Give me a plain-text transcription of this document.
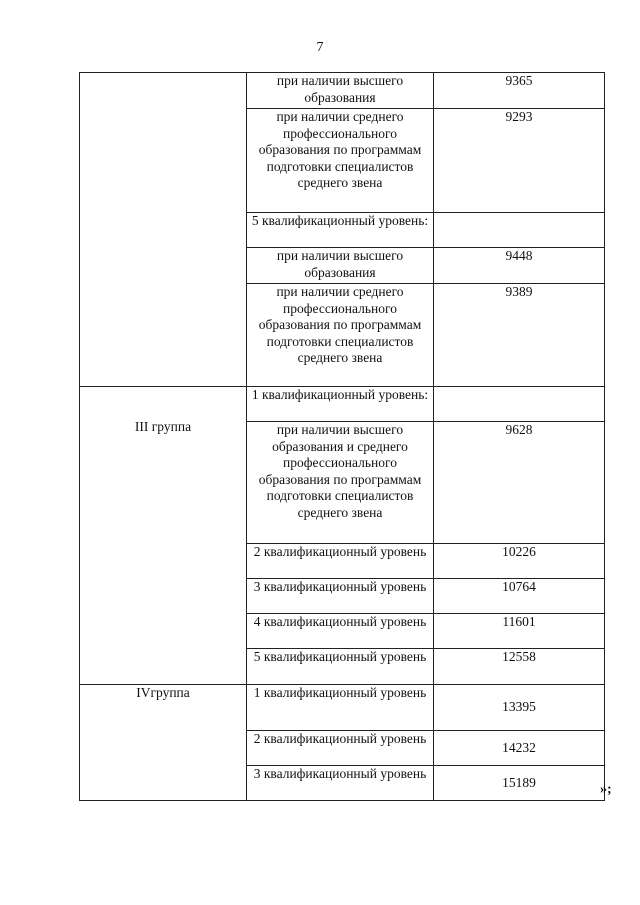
7
	при наличии высшего образования	9365
	при наличии среднего профессионального образования по программам подготовки специалистов среднего звена	9293
	5 квалификационный уровень:	
	при наличии высшего образования	9448
	при наличии среднего профессионального образования по программам подготовки специалистов среднего звена	9389
III группа	1 квалификационный уровень:	
	при наличии высшего образования и среднего профессионального образования по программам подготовки специалистов среднего звена	9628
	2 квалификационный уровень	10226
	3 квалификационный уровень	10764
	4 квалификационный уровень	11601
	5 квалификационный уровень	12558
IVгруппа	1 квалификационный уровень	13395
	2 квалификационный уровень	14232
	3 квалификационный уровень	15189	»;
